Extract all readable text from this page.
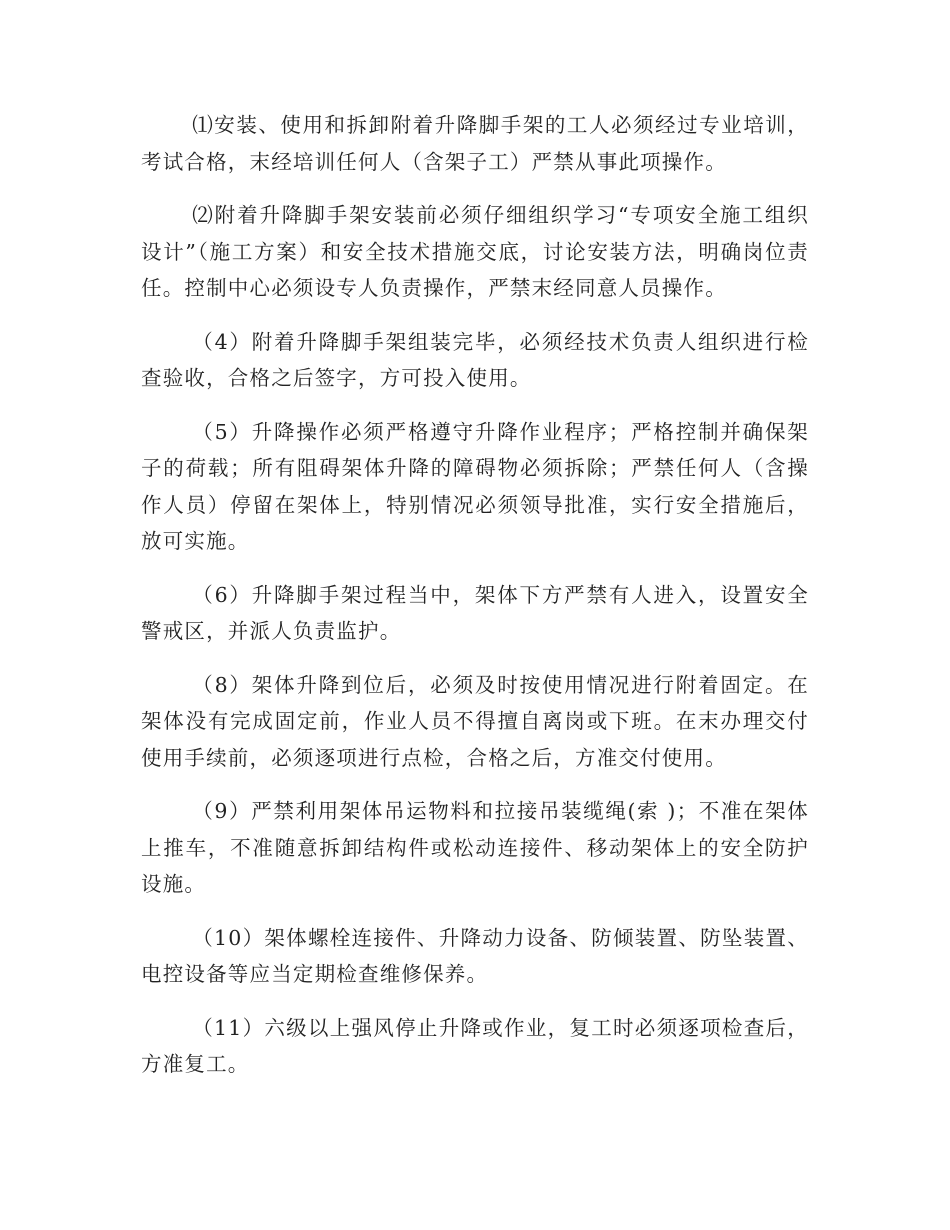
⑴安装、使用和拆卸附着升降脚手架的工人必须经过专业培训，考试合格，末经培训任何人（含架子工）严禁从事此项操作。

⑵附着升降脚手架安装前必须仔细组织学习“专项安全施工组织设计”（施工方案）和安全技术措施交底，讨论安装方法，明确岗位责任。控制中心必须设专人负责操作，严禁末经同意人员操作。

（4）附着升降脚手架组装完毕，必须经技术负责人组织进行检查验收，合格之后签字，方可投入使用。

（5）升降操作必须严格遵守升降作业程序；严格控制并确保架子的荷载；所有阻碍架体升降的障碍物必须拆除；严禁任何人（含操作人员）停留在架体上，特别情况必须领导批准，实行安全措施后，放可实施。

（6）升降脚手架过程当中，架体下方严禁有人进入，设置安全警戒区，并派人负责监护。

（8）架体升降到位后，必须及时按使用情况进行附着固定。在架体没有完成固定前，作业人员不得擅自离岗或下班。在末办理交付使用手续前，必须逐项进行点检，合格之后，方准交付使用。

（9）严禁利用架体吊运物料和拉接吊装缆绳(索 )；不准在架体上推车，不准随意拆卸结构件或松动连接件、移动架体上的安全防护设施。

（10）架体螺栓连接件、升降动力设备、防倾装置、防坠装置、电控设备等应当定期检查维修保养。

（11）六级以上强风停止升降或作业，复工时必须逐项检查后，方准复工。
